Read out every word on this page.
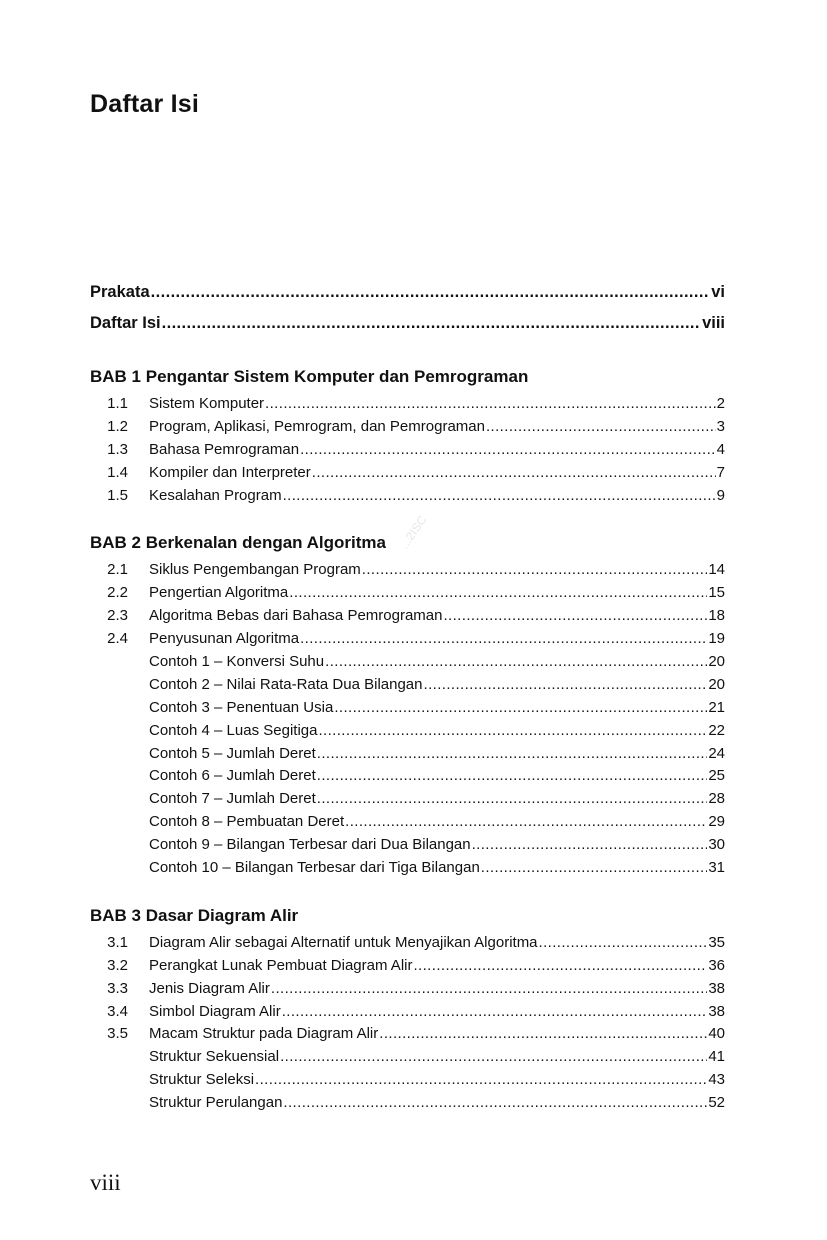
Daftar Isi
Prakata .....	vi
Daftar Isi .....	viii
BAB 1 Pengantar Sistem Komputer dan Pemrograman
1.1 Sistem Komputer .....	2
1.2 Program, Aplikasi, Pemrogram, dan Pemrograman .....	3
1.3 Bahasa Pemrograman .....	4
1.4 Kompiler dan Interpreter .....	7
1.5 Kesalahan Program .....	9
BAB 2 Berkenalan dengan Algoritma
2.1 Siklus Pengembangan Program .....	14
2.2 Pengertian Algoritma .....	15
2.3 Algoritma Bebas dari Bahasa Pemrograman .....	18
2.4 Penyusunan Algoritma .....	19
Contoh 1 – Konversi Suhu .....	20
Contoh 2 – Nilai Rata-Rata Dua Bilangan .....	20
Contoh 3 – Penentuan Usia .....	21
Contoh 4 – Luas Segitiga .....	22
Contoh 5 – Jumlah Deret .....	24
Contoh 6 – Jumlah Deret .....	25
Contoh 7 – Jumlah Deret .....	28
Contoh 8 – Pembuatan Deret .....	29
Contoh 9 – Bilangan Terbesar dari Dua Bilangan .....	30
Contoh 10 – Bilangan Terbesar dari Tiga Bilangan .....	31
BAB 3 Dasar Diagram Alir
3.1 Diagram Alir sebagai Alternatif untuk Menyajikan Algoritma .....	35
3.2 Perangkat Lunak Pembuat Diagram Alir .....	36
3.3 Jenis Diagram Alir .....	38
3.4 Simbol Diagram Alir .....	38
3.5 Macam Struktur pada Diagram Alir .....	40
Struktur Sekuensial .....	41
Struktur Seleksi .....	43
Struktur Perulangan .....	52
...2ISC
viii
